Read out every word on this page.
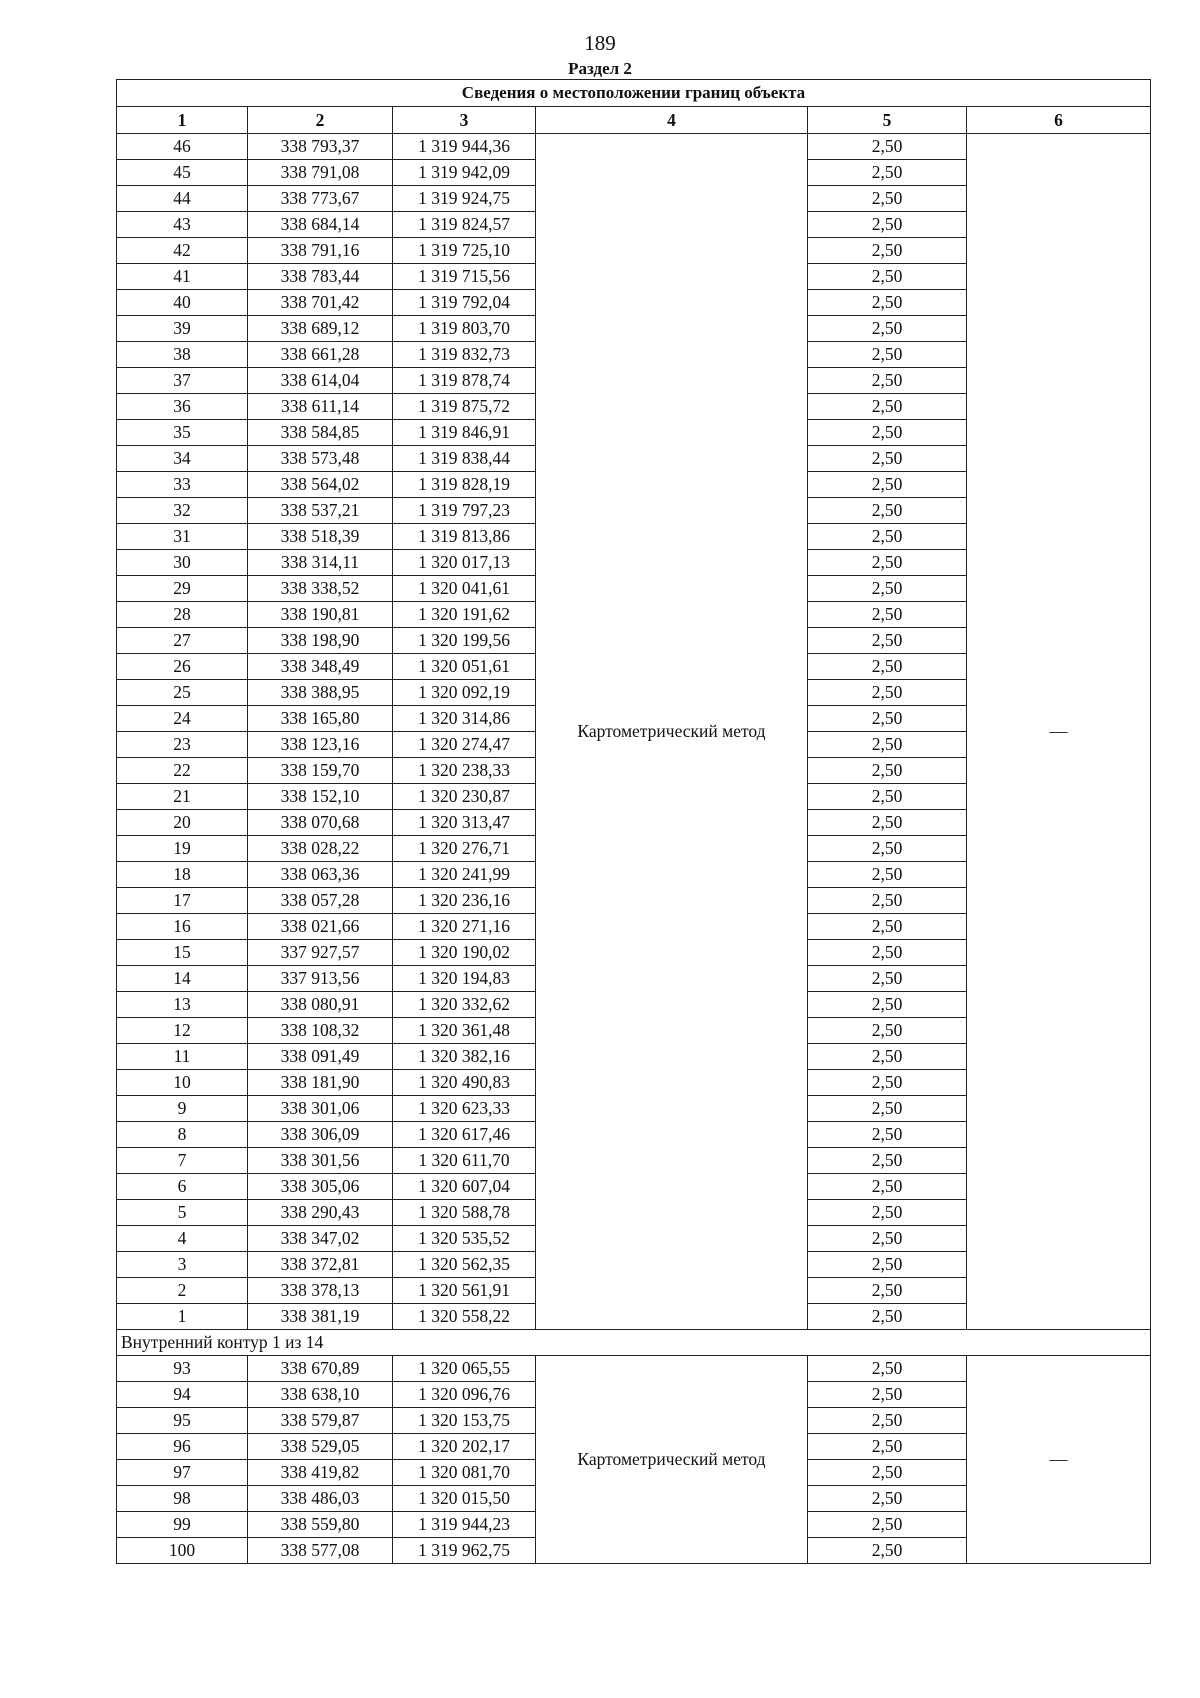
189
Раздел 2
Сведения о местоположении границ объекта					
1	2	3	4	5	6
46	338 793,37	1 319 944,36	Картометрический метод	2,50	—
45	338 791,08	1 319 942,09		2,50	
44	338 773,67	1 319 924,75		2,50	
43	338 684,14	1 319 824,57		2,50	
42	338 791,16	1 319 725,10		2,50	
41	338 783,44	1 319 715,56		2,50	
40	338 701,42	1 319 792,04		2,50	
39	338 689,12	1 319 803,70		2,50	
38	338 661,28	1 319 832,73		2,50	
37	338 614,04	1 319 878,74		2,50	
36	338 611,14	1 319 875,72		2,50	
35	338 584,85	1 319 846,91		2,50	
34	338 573,48	1 319 838,44		2,50	
33	338 564,02	1 319 828,19		2,50	
32	338 537,21	1 319 797,23		2,50	
31	338 518,39	1 319 813,86		2,50	
30	338 314,11	1 320 017,13		2,50	
29	338 338,52	1 320 041,61		2,50	
28	338 190,81	1 320 191,62		2,50	
27	338 198,90	1 320 199,56		2,50	
26	338 348,49	1 320 051,61		2,50	
25	338 388,95	1 320 092,19		2,50	
24	338 165,80	1 320 314,86		2,50	
23	338 123,16	1 320 274,47		2,50	
22	338 159,70	1 320 238,33		2,50	
21	338 152,10	1 320 230,87		2,50	
20	338 070,68	1 320 313,47		2,50	
19	338 028,22	1 320 276,71		2,50	
18	338 063,36	1 320 241,99		2,50	
17	338 057,28	1 320 236,16		2,50	
16	338 021,66	1 320 271,16		2,50	
15	337 927,57	1 320 190,02		2,50	
14	337 913,56	1 320 194,83		2,50	
13	338 080,91	1 320 332,62		2,50	
12	338 108,32	1 320 361,48		2,50	
11	338 091,49	1 320 382,16		2,50	
10	338 181,90	1 320 490,83		2,50	
9	338 301,06	1 320 623,33		2,50	
8	338 306,09	1 320 617,46		2,50	
7	338 301,56	1 320 611,70		2,50	
6	338 305,06	1 320 607,04		2,50	
5	338 290,43	1 320 588,78		2,50	
4	338 347,02	1 320 535,52		2,50	
3	338 372,81	1 320 562,35		2,50	
2	338 378,13	1 320 561,91		2,50	
1	338 381,19	1 320 558,22		2,50	
Внутренний контур 1 из 14					
93	338 670,89	1 320 065,55	Картометрический метод	2,50	—
94	338 638,10	1 320 096,76		2,50	
95	338 579,87	1 320 153,75		2,50	
96	338 529,05	1 320 202,17		2,50	
97	338 419,82	1 320 081,70		2,50	
98	338 486,03	1 320 015,50		2,50	
99	338 559,80	1 319 944,23		2,50	
100	338 577,08	1 319 962,75		2,50	
